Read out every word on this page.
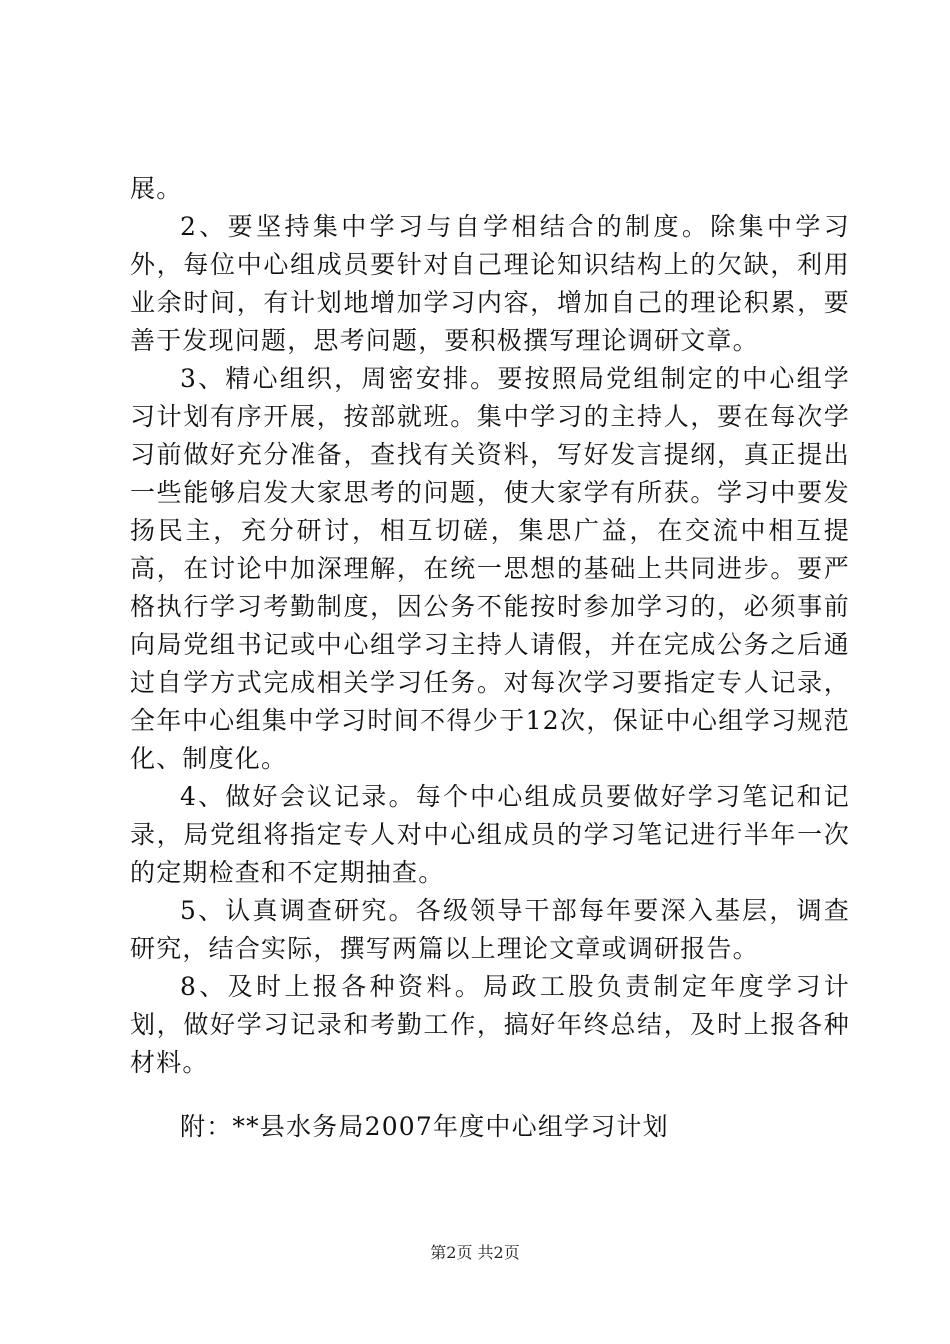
展。

2、要坚持集中学习与自学相结合的制度。除集中学习外，每位中心组成员要针对自己理论知识结构上的欠缺，利用业余时间，有计划地增加学习内容，增加自己的理论积累，要善于发现问题，思考问题，要积极撰写理论调研文章。

3、精心组织，周密安排。要按照局党组制定的中心组学习计划有序开展，按部就班。集中学习的主持人，要在每次学习前做好充分准备，查找有关资料，写好发言提纲，真正提出一些能够启发大家思考的问题，使大家学有所获。学习中要发扬民主，充分研讨，相互切磋，集思广益，在交流中相互提高，在讨论中加深理解，在统一思想的基础上共同进步。要严格执行学习考勤制度，因公务不能按时参加学习的，必须事前向局党组书记或中心组学习主持人请假，并在完成公务之后通过自学方式完成相关学习任务。对每次学习要指定专人记录，全年中心组集中学习时间不得少于12次，保证中心组学习规范化、制度化。

4、做好会议记录。每个中心组成员要做好学习笔记和记录，局党组将指定专人对中心组成员的学习笔记进行半年一次的定期检查和不定期抽查。

5、认真调查研究。各级领导干部每年要深入基层，调查研究，结合实际，撰写两篇以上理论文章或调研报告。

8、及时上报各种资料。局政工股负责制定年度学习计划，做好学习记录和考勤工作，搞好年终总结，及时上报各种材料。

附：**县水务局2007年度中心组学习计划

第2页 共2页
